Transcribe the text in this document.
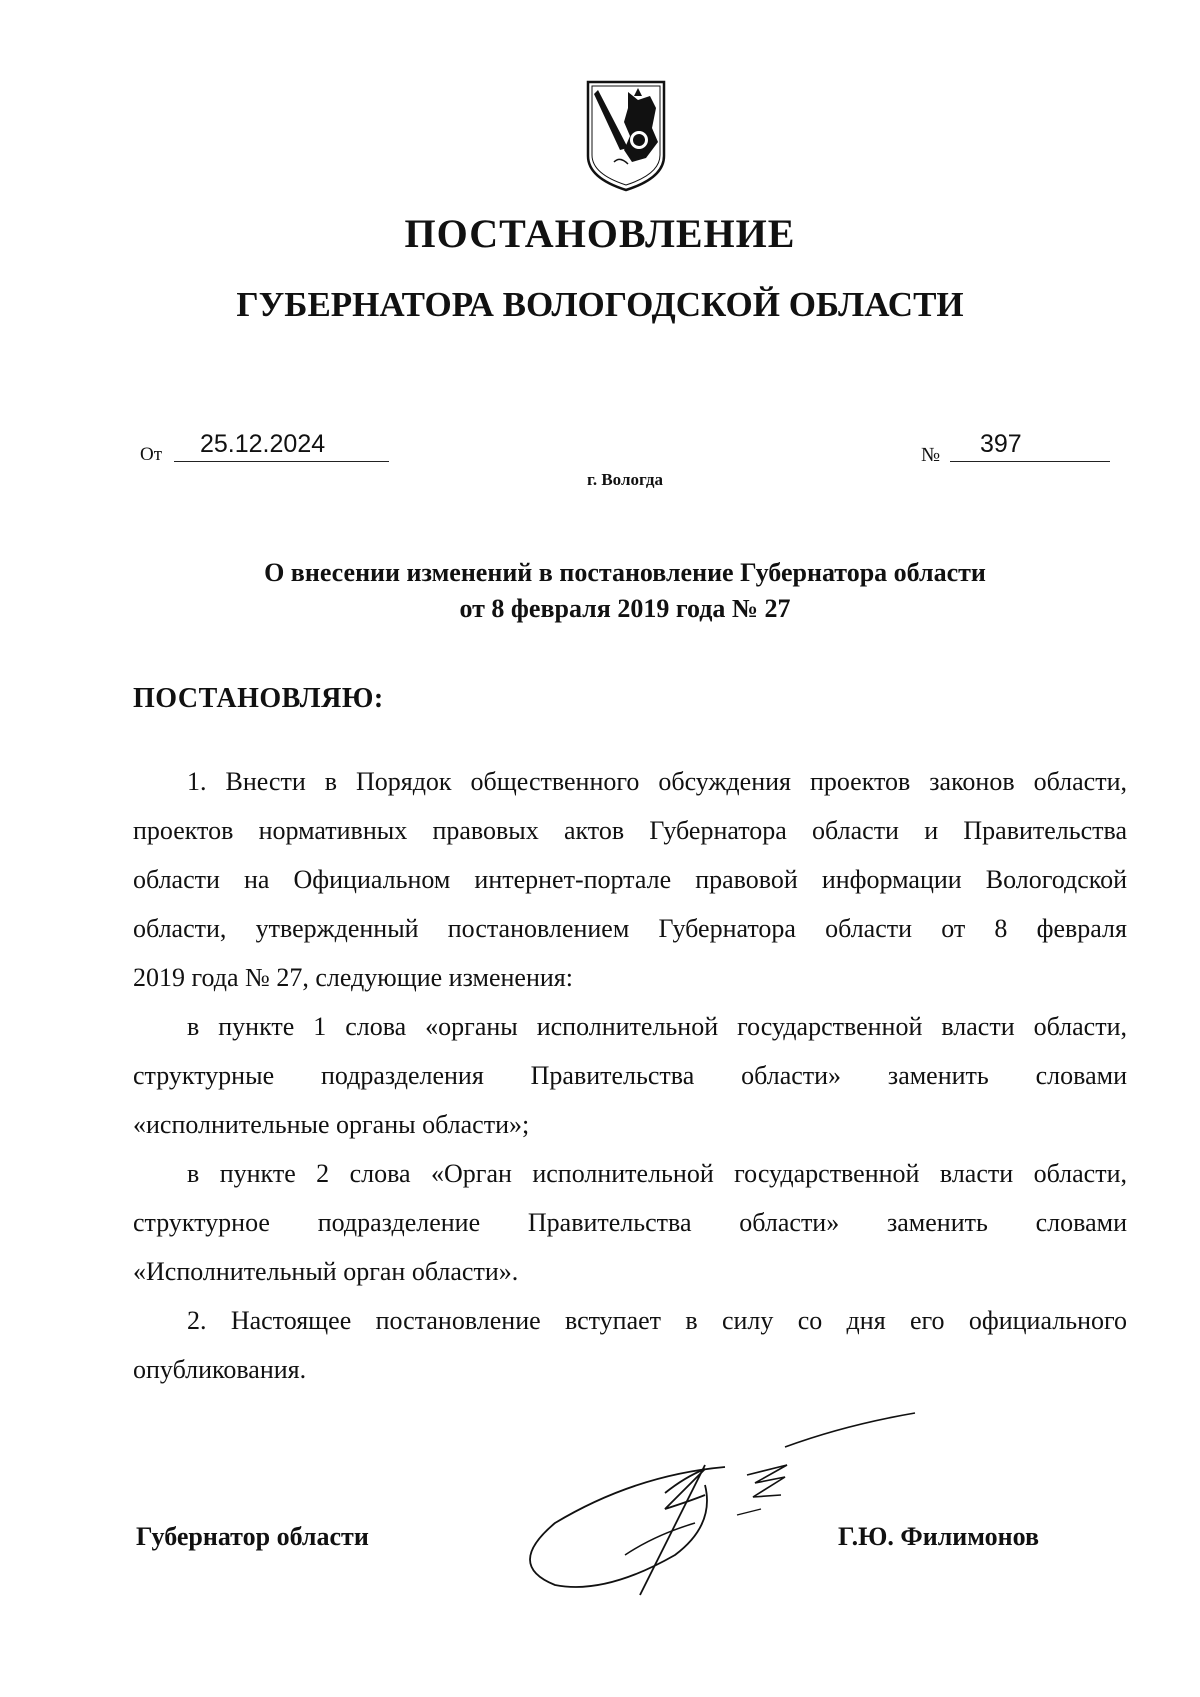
ПОСТАНОВЛЕНИЕ
ГУБЕРНАТОРА ВОЛОГОДСКОЙ ОБЛАСТИ
От 25.12.2024	№ 397
г. Вологда
О внесении изменений в постановление Губернатора области
от 8 февраля 2019 года № 27
ПОСТАНОВЛЯЮ:
1. Внести в Порядок общественного обсуждения проектов законов области,
проектов нормативных правовых актов Губернатора области и Правительства
области на Официальном интернет-портале правовой информации Вологодской
области, утвержденный постановлением Губернатора области от 8 февраля
2019 года № 27, следующие изменения:
в пункте 1 слова «органы исполнительной государственной власти области,
структурные подразделения Правительства области» заменить словами
«исполнительные органы области»;
в пункте 2 слова «Орган исполнительной государственной власти области,
структурное подразделение Правительства области» заменить словами
«Исполнительный орган области».
2. Настоящее постановление вступает в силу со дня его официального
опубликования.
Губернатор области	Г.Ю. Филимонов
